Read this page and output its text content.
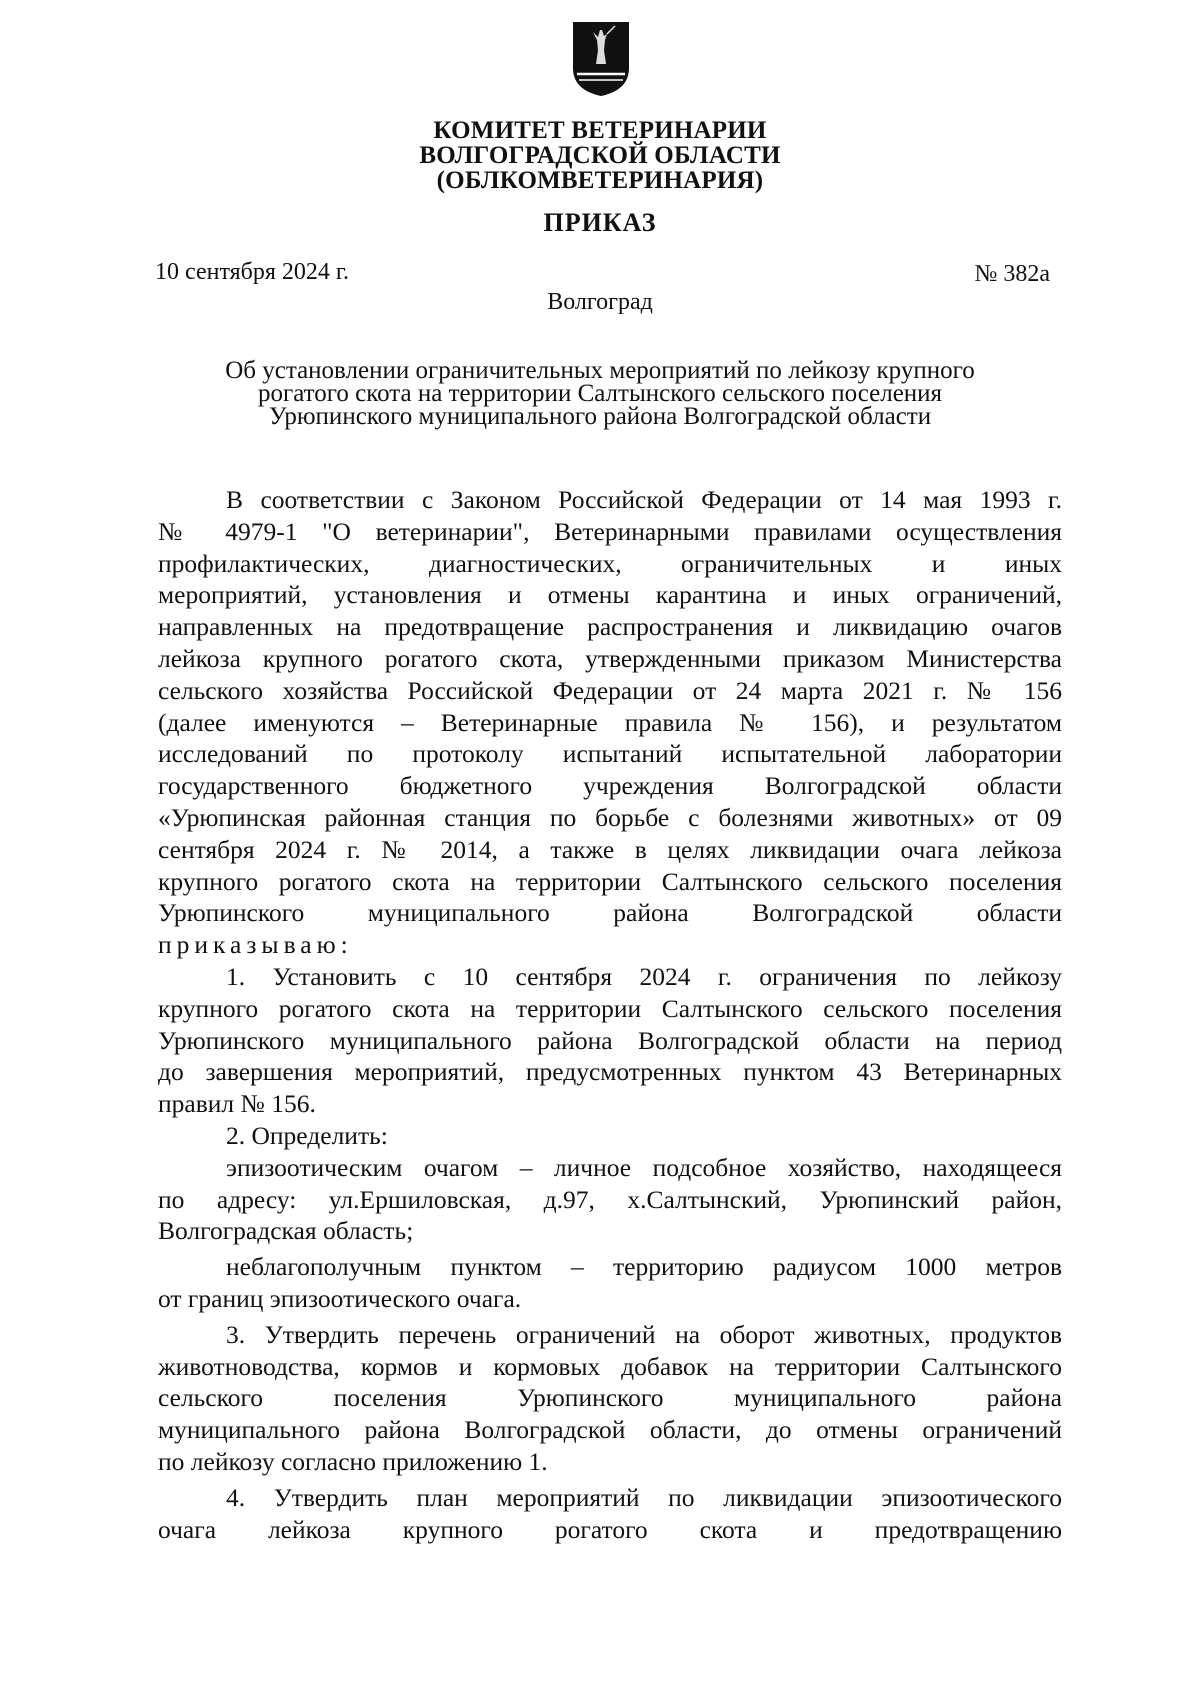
КОМИТЕТ ВЕТЕРИНАРИИ
ВОЛГОГРАДСКОЙ ОБЛАСТИ
(ОБЛКОМВЕТЕРИНАРИЯ)
ПРИКАЗ
10 сентября 2024 г.	№ 382а
Волгоград
Об установлении ограничительных мероприятий по лейкозу крупного
рогатого скота на территории Салтынского сельского поселения
Урюпинского муниципального района Волгоградской области
В соответствии с Законом Российской Федерации от 14 мая 1993 г.
№ 4979-1 "О ветеринарии", Ветеринарными правилами осуществления
профилактических, диагностических, ограничительных и иных
мероприятий, установления и отмены карантина и иных ограничений,
направленных на предотвращение распространения и ликвидацию очагов
лейкоза крупного рогатого скота, утвержденными приказом Министерства
сельского хозяйства Российской Федерации от 24 марта 2021 г. № 156
(далее именуются – Ветеринарные правила № 156), и результатом
исследований по протоколу испытаний испытательной лаборатории
государственного бюджетного учреждения Волгоградской области
«Урюпинская районная станция по борьбе с болезнями животных» от 09
сентября 2024 г. № 2014, а также в целях ликвидации очага лейкоза
крупного рогатого скота на территории Салтынского сельского поселения
Урюпинского муниципального района Волгоградской области
приказываю:
1. Установить с 10 сентября 2024 г. ограничения по лейкозу
крупного рогатого скота на территории Салтынского сельского поселения
Урюпинского муниципального района Волгоградской области на период
до завершения мероприятий, предусмотренных пунктом 43 Ветеринарных
правил № 156.
2. Определить:
эпизоотическим очагом – личное подсобное хозяйство, находящееся
по адресу: ул.Ершиловская, д.97, х.Салтынский, Урюпинский район,
Волгоградская область;
неблагополучным пунктом – территорию радиусом 1000 метров
от границ эпизоотического очага.
3. Утвердить перечень ограничений на оборот животных, продуктов
животноводства, кормов и кормовых добавок на территории Салтынского
сельского поселения Урюпинского муниципального района
муниципального района Волгоградской области, до отмены ограничений
по лейкозу согласно приложению 1.
4. Утвердить план мероприятий по ликвидации эпизоотического
очага лейкоза крупного рогатого скота и предотвращению
